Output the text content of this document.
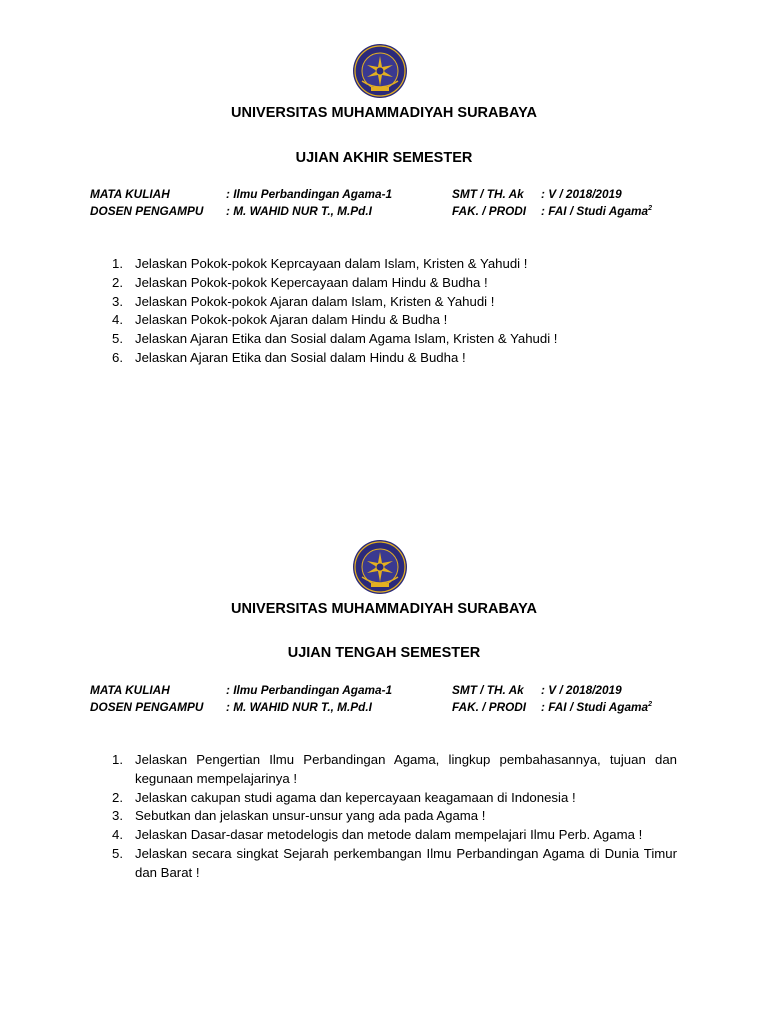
UNIVERSITAS MUHAMMADIYAH SURABAYA
UJIAN AKHIR SEMESTER
MATA KULIAH	: Ilmu Perbandingan Agama-1	SMT / TH. Ak : V / 2018/2019
DOSEN PENGAMPU : M. WAHID NUR T., M.Pd.I	FAK. / PRODI : FAI / Studi Agama$^2$
1. Jelaskan Pokok-pokok Keprcayaan dalam Islam, Kristen & Yahudi !
2. Jelaskan Pokok-pokok Kepercayaan dalam Hindu & Budha !
3. Jelaskan Pokok-pokok Ajaran dalam Islam, Kristen & Yahudi !
4. Jelaskan Pokok-pokok Ajaran dalam Hindu & Budha !
5. Jelaskan Ajaran Etika dan Sosial dalam Agama Islam, Kristen & Yahudi !
6. Jelaskan Ajaran Etika dan Sosial dalam Hindu & Budha !
UNIVERSITAS MUHAMMADIYAH SURABAYA
UJIAN TENGAH SEMESTER
MATA KULIAH	: Ilmu Perbandingan Agama-1	SMT / TH. Ak : V / 2018/2019
DOSEN PENGAMPU : M. WAHID NUR T., M.Pd.I	FAK. / PRODI : FAI / Studi Agama$^2$
1. Jelaskan Pengertian Ilmu Perbandingan Agama, lingkup pembahasannya, tujuan dan kegunaan mempelajarinya !
2. Jelaskan cakupan studi agama dan kepercayaan keagamaan di Indonesia !
3. Sebutkan dan jelaskan unsur-unsur yang ada pada Agama !
4. Jelaskan Dasar-dasar metodelogis dan metode dalam mempelajari Ilmu Perb. Agama !
5. Jelaskan secara singkat Sejarah perkembangan Ilmu Perbandingan Agama di Dunia Timur dan Barat !
